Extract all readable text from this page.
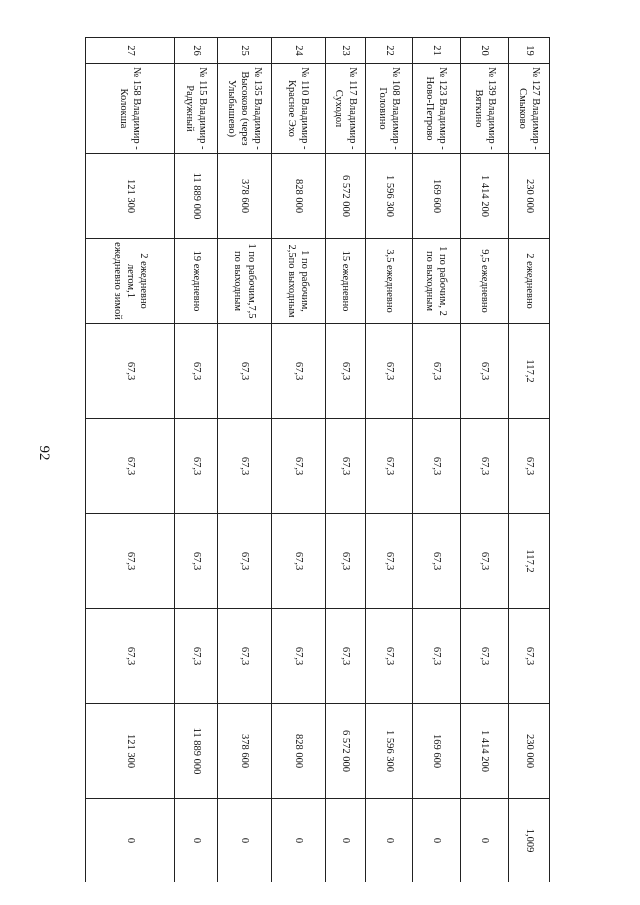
92
19	№ 127 Владимир - Смыково	230 000	2 ежедневно	117,2	67,3	117,2	67,3	230 000	1,009
20	№ 139 Владимир - Вяткино	1 414 200	9,5 ежедневно	67,3	67,3	67,3	67,3	1 414 200	0
21	№ 123 Владимир - Ново-Петрово	169 600	1 по рабочим, 2 по выходным	67,3	67,3	67,3	67,3	169 600	0
22	№ 108 Владимир - Головино	1 596 300	3,5 ежедневно	67,3	67,3	67,3	67,3	1 596 300	0
23	№ 117 Владимир - Суходол	6 572 000	15 ежедневно	67,3	67,3	67,3	67,3	6 572 000	0
24	№ 110 Владимир - Красное Эхо	828 000	1 по рабочим, 2,5по выходным	67,3	67,3	67,3	67,3	828 000	0
25	№ 135 Владимир - Высоково (через Улыбышево)	378 600	1 по рабочим,7,5 по выходным	67,3	67,3	67,3	67,3	378 600	0
26	№ 115 Владимир - Радужный	11 889 000	19 ежедневно	67,3	67,3	67,3	67,3	11 889 000	0
27	№ 158 Владимир - Колокша	121 300	2 ежедневно летом,1 ежедневно зимой	67,3	67,3	67,3	67,3	121 300	0
